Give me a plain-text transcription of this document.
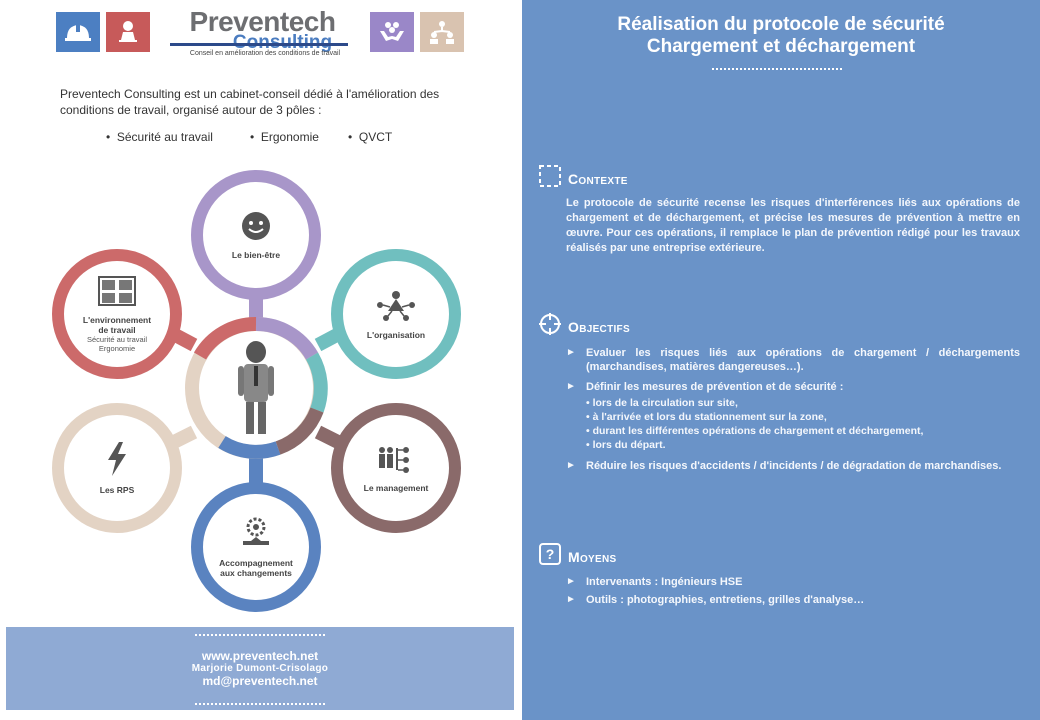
Preventech
Conseil en amélioration des conditions de travail
Preventech Consulting est un cabinet-conseil dédié à l'amélioration des conditions de travail, organisé autour de 3 pôles :
•  Sécurité au travail	•  Ergonomie •  QVCT
Le bien-être
L'organisation
Le management
Accompagnement aux changements
Les RPS
L'environnement de travail
Sécurité au travail Ergonomie
www.preventech.net
Marjorie Dumont-Crisolago
md@preventech.net
Réalisation du protocole de sécurité
Chargement et déchargement
Contexte
Le protocole de sécurité recense les risques d'interférences liés aux opérations de chargement et de déchargement, et précise les mesures de prévention à mettre en œuvre. Pour ces opérations, il remplace le plan de prévention rédigé pour les travaux réalisés par une entreprise extérieure.
Objectifs
► Evaluer les risques liés aux opérations de chargement / déchargements (marchandises, matières dangereuses…).
► Définir les mesures de prévention et de sécurité :
• lors de la circulation sur site,
• à l'arrivée et lors du stationnement sur la zone,
• durant les différentes opérations de chargement et déchargement,
• lors du départ.
► Réduire les risques d'accidents / d'incidents / de dégradation de marchandises.
? Moyens
► Intervenants : Ingénieurs HSE
► Outils : photographies, entretiens, grilles d'analyse…
